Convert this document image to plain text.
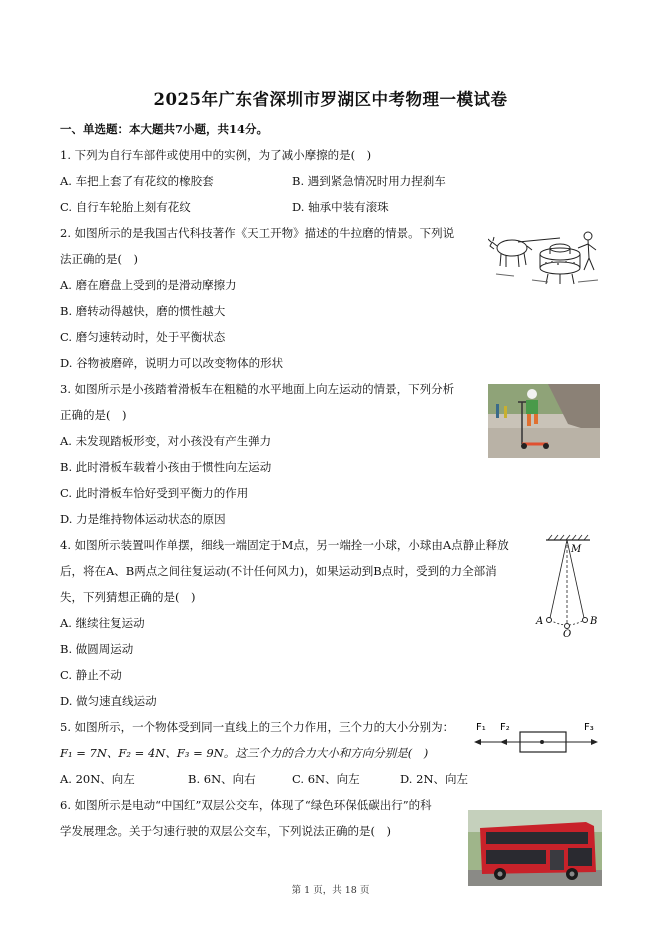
2025年广东省深圳市罗湖区中考物理一模试卷
一、单选题：本大题共7小题，共14分。
1. 下列为自行车部件或使用中的实例，为了减小摩擦的是(　)
A. 车把上套了有花纹的橡胶套	B. 遇到紧急情况时用力捏刹车
C. 自行车轮胎上刻有花纹	D. 轴承中装有滚珠
2. 如图所示的是我国古代科技著作《天工开物》描述的牛拉磨的情景。下列说
法正确的是(　)
A. 磨在磨盘上受到的是滑动摩擦力
B. 磨转动得越快，磨的惯性越大
C. 磨匀速转动时，处于平衡状态
D. 谷物被磨碎，说明力可以改变物体的形状
3. 如图所示是小孩踏着滑板车在粗糙的水平地面上向左运动的情景，下列分析
正确的是(　)
A. 未发现踏板形变，对小孩没有产生弹力
B. 此时滑板车载着小孩由于惯性向左运动
C. 此时滑板车恰好受到平衡力的作用
D. 力是维持物体运动状态的原因
4. 如图所示装置叫作单摆，细线一端固定于M点，另一端拴一小球，小球由A点静止释放
后，将在A、B两点之间往复运动(不计任何风力)，如果运动到B点时，受到的力全部消
失，下列猜想正确的是(　)
A. 继续往复运动
B. 做圆周运动
C. 静止不动
D. 做匀速直线运动
M
A
O
B
5. 如图所示，一个物体受到同一直线上的三个力作用，三个力的大小分别为：
F₁ = 7N、F₂ = 4N、F₃ = 9N。这三个力的合力大小和方向分别是(　)
A. 20N、向左	B. 6N、向右	C. 6N、向左	D. 2N、向左
F₁ F₂	F₃
6. 如图所示是电动“中国红”双层公交车，体现了“绿色环保低碳出行”的科
学发展理念。关于匀速行驶的双层公交车，下列说法正确的是(　)
第 1 页，共 18 页
